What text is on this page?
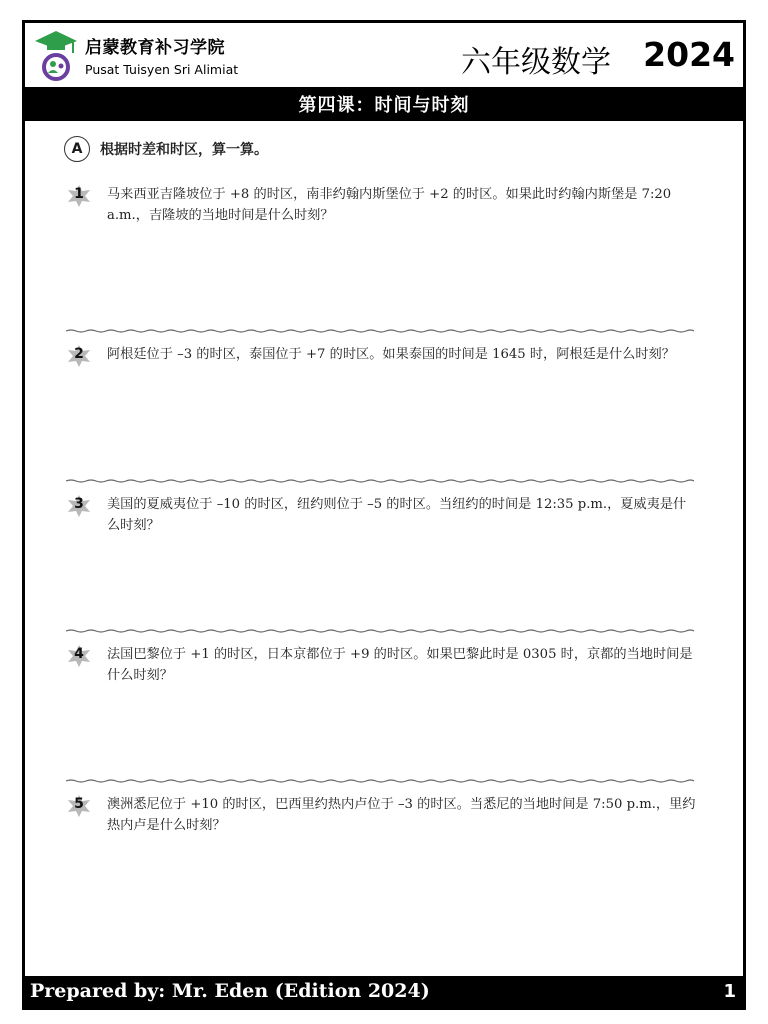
启蒙教育补习学院
Pusat Tuisyen Sri Alimiat	六年级数学 2024
第四课：时间与时刻
A	根据时差和时区，算一算。
1	马来西亚吉隆坡位于 +8 的时区，南非约翰内斯堡位于 +2 的时区。如果此时约翰内斯堡是 7:20 a.m.，吉隆坡的当地时间是什么时刻？
2	阿根廷位于 –3 的时区，泰国位于 +7 的时区。如果泰国的时间是 1645 时，阿根廷是什么时刻？
3	美国的夏威夷位于 –10 的时区，纽约则位于 –5 的时区。当纽约的时间是 12:35 p.m.，夏威夷是什么时刻？
4	法国巴黎位于 +1 的时区，日本京都位于 +9 的时区。如果巴黎此时是 0305 时，京都的当地时间是什么时刻？
5	澳洲悉尼位于 +10 的时区，巴西里约热内卢位于 –3 的时区。当悉尼的当地时间是 7:50 p.m.，里约热内卢是什么时刻？
Prepared by: Mr. Eden (Edition 2024)	1
